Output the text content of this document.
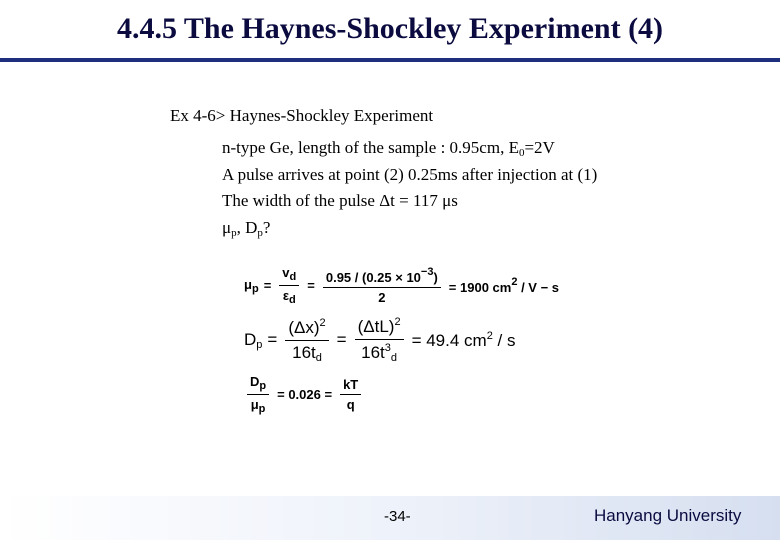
4.4.5 The Haynes-Shockley Experiment (4)
Ex 4-6> Haynes-Shockley Experiment
n-type Ge, length of the sample : 0.95cm, $E_0=2V$
A pulse arrives at point (2) 0.25ms after injection at (1)
The width of the pulse Δt = 117 μs
$\mu_p$, $D_p$?
$\mu_p = \frac{v_d}{\varepsilon_d} = \frac{0.95 / (0.25 \times 10^{-3})}{2} = 1900$ $cm^2 / V - s$
$D_p = \frac{(\Delta x)^2}{16t_d} = \frac{(\Delta tL)^2}{16t^3_d} = 49.4$ $cm^2$ / s
$\frac{D_p}{\mu_p} = 0.026 = \frac{kT}{q}$
-34-	Hanyang University
